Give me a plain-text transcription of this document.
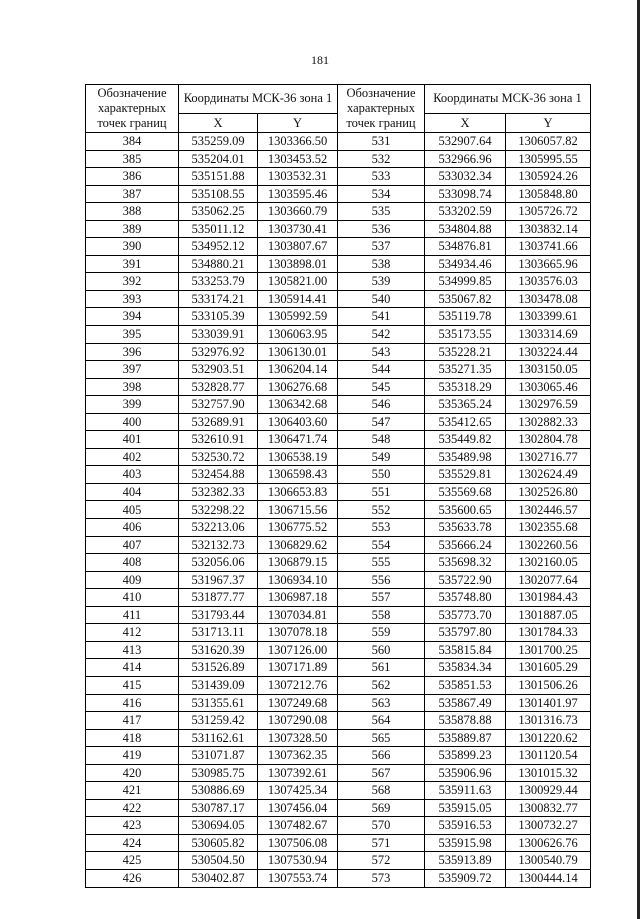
181
Обозначение характерных точек границ	Координаты МСК-36 зона 1		Обозначение характерных точек границ	Координаты МСК-36 зона 1	
	X	Y		X	Y
384	535259.09	1303366.50	531	532907.64	1306057.82
385	535204.01	1303453.52	532	532966.96	1305995.55
386	535151.88	1303532.31	533	533032.34	1305924.26
387	535108.55	1303595.46	534	533098.74	1305848.80
388	535062.25	1303660.79	535	533202.59	1305726.72
389	535011.12	1303730.41	536	534804.88	1303832.14
390	534952.12	1303807.67	537	534876.81	1303741.66
391	534880.21	1303898.01	538	534934.46	1303665.96
392	533253.79	1305821.00	539	534999.85	1303576.03
393	533174.21	1305914.41	540	535067.82	1303478.08
394	533105.39	1305992.59	541	535119.78	1303399.61
395	533039.91	1306063.95	542	535173.55	1303314.69
396	532976.92	1306130.01	543	535228.21	1303224.44
397	532903.51	1306204.14	544	535271.35	1303150.05
398	532828.77	1306276.68	545	535318.29	1303065.46
399	532757.90	1306342.68	546	535365.24	1302976.59
400	532689.91	1306403.60	547	535412.65	1302882.33
401	532610.91	1306471.74	548	535449.82	1302804.78
402	532530.72	1306538.19	549	535489.98	1302716.77
403	532454.88	1306598.43	550	535529.81	1302624.49
404	532382.33	1306653.83	551	535569.68	1302526.80
405	532298.22	1306715.56	552	535600.65	1302446.57
406	532213.06	1306775.52	553	535633.78	1302355.68
407	532132.73	1306829.62	554	535666.24	1302260.56
408	532056.06	1306879.15	555	535698.32	1302160.05
409	531967.37	1306934.10	556	535722.90	1302077.64
410	531877.77	1306987.18	557	535748.80	1301984.43
411	531793.44	1307034.81	558	535773.70	1301887.05
412	531713.11	1307078.18	559	535797.80	1301784.33
413	531620.39	1307126.00	560	535815.84	1301700.25
414	531526.89	1307171.89	561	535834.34	1301605.29
415	531439.09	1307212.76	562	535851.53	1301506.26
416	531355.61	1307249.68	563	535867.49	1301401.97
417	531259.42	1307290.08	564	535878.88	1301316.73
418	531162.61	1307328.50	565	535889.87	1301220.62
419	531071.87	1307362.35	566	535899.23	1301120.54
420	530985.75	1307392.61	567	535906.96	1301015.32
421	530886.69	1307425.34	568	535911.63	1300929.44
422	530787.17	1307456.04	569	535915.05	1300832.77
423	530694.05	1307482.67	570	535916.53	1300732.27
424	530605.82	1307506.08	571	535915.98	1300626.76
425	530504.50	1307530.94	572	535913.89	1300540.79
426	530402.87	1307553.74	573	535909.72	1300444.14
